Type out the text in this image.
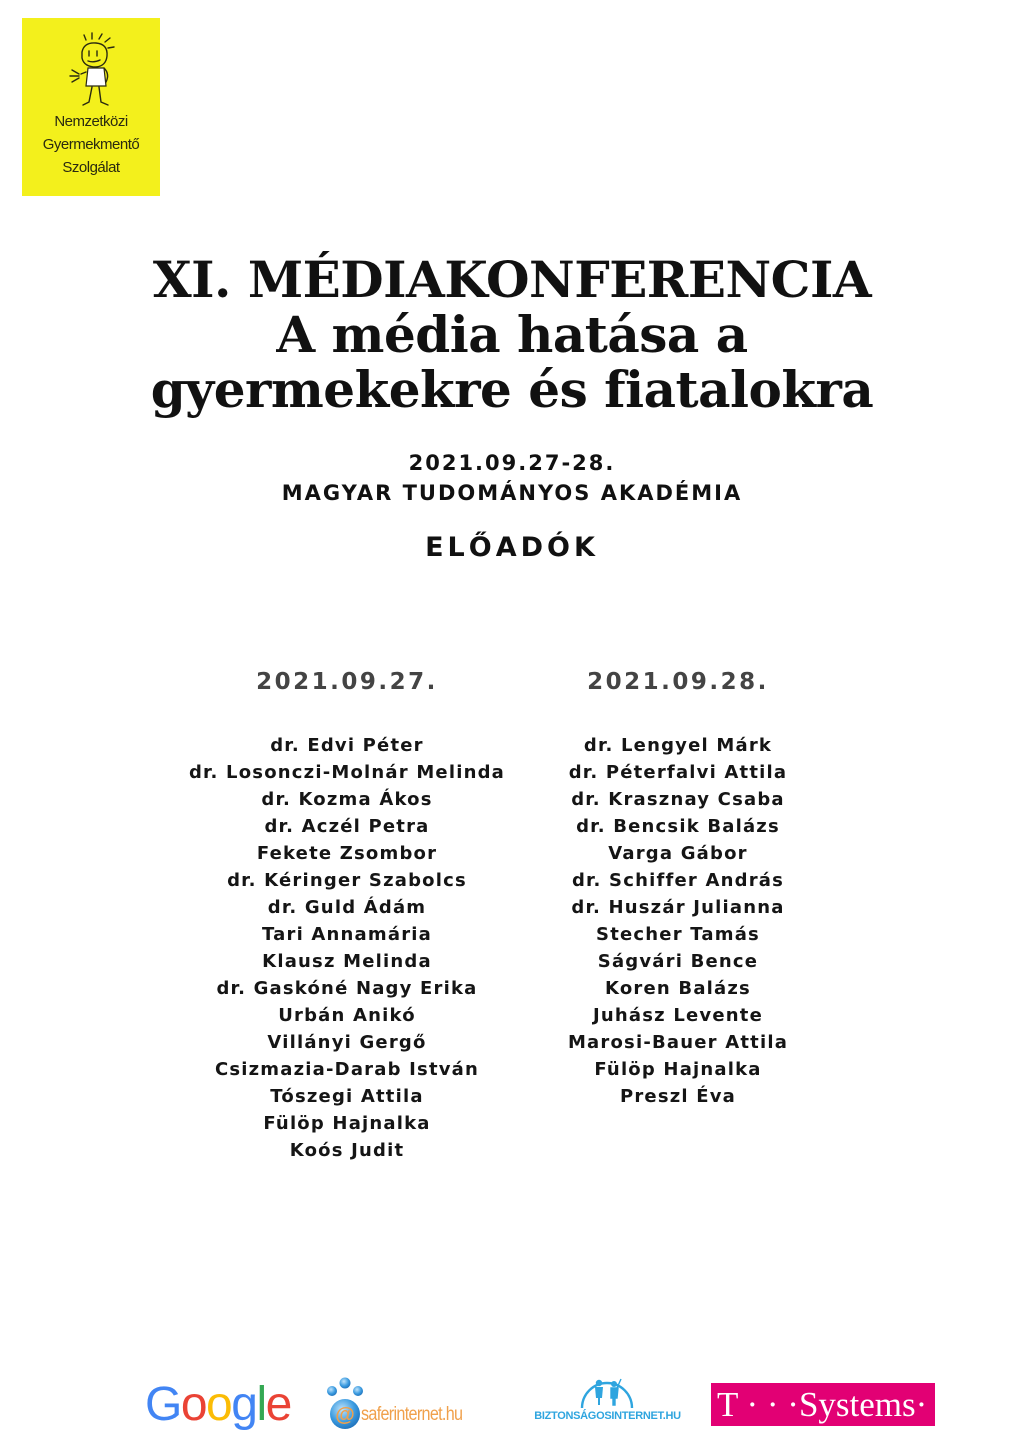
Nemzetközi
Gyermekmentő
Szolgálat
XI. MÉDIAKONFERENCIA
A média hatása a
gyermekekre és fiatalokra
2021.09.27-28.
MAGYAR TUDOMÁNYOS AKADÉMIA
ELŐADÓK
2021.09.27.
dr. Edvi Péter
dr. Losonczi-Molnár Melinda
dr. Kozma Ákos
dr. Aczél Petra
Fekete Zsombor
dr. Kéringer Szabolcs
dr. Guld Ádám
Tari Annamária
Klausz Melinda
dr. Gaskóné Nagy Erika
Urbán Anikó
Villányi Gergő
Csizmazia-Darab István
Tószegi Attila
Fülöp Hajnalka
Koós Judit
2021.09.28.
dr. Lengyel Márk
dr. Péterfalvi Attila
dr. Krasznay Csaba
dr. Bencsik Balázs
Varga Gábor
dr. Schiffer András
dr. Huszár Julianna
Stecher Tamás
Ságvári Bence
Koren Balázs
Juhász Levente
Marosi-Bauer Attila
Fülöp Hajnalka
Preszl Éva
Google @ saferinternet.hu	BIZTONSÁGOSINTERNET.HU T · · ·Systems·
